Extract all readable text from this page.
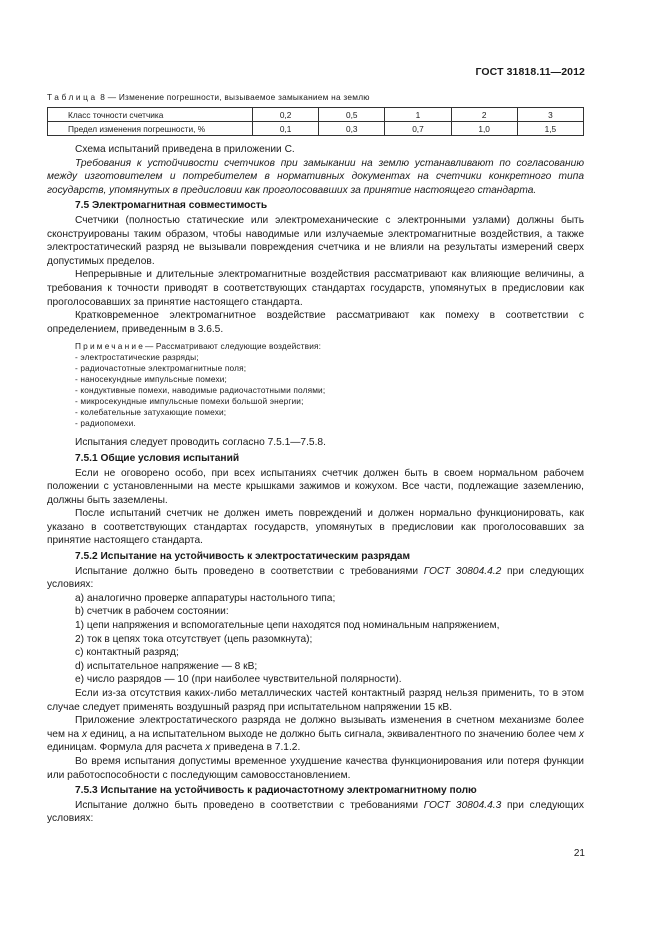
ГОСТ 31818.11—2012
Таблица 8 — Изменение погрешности, вызываемое замыканием на землю
Класс точности счетчика	0,2	0,5	1	2	3
Предел изменения погрешности, %	0,1	0,3	0,7	1,0	1,5

Схема испытаний приведена в приложении С.

Требования к устойчивости счетчиков при замыкании на землю устанавливают по согласованию между изготовителем и потребителем в нормативных документах на счетчики конкретного типа государств, упомянутых в предисловии как проголосовавших за принятие настоящего стандарта.

7.5 Электромагнитная совместимость

Счетчики (полностью статические или электромеханические с электронными узлами) должны быть сконструированы таким образом, чтобы наводимые или излучаемые электромагнитные воздействия, а также электростатический разряд не вызывали повреждения счетчика и не влияли на результаты измерений сверх допустимых пределов.

Непрерывные и длительные электромагнитные воздействия рассматривают как влияющие величины, а требования к точности приводят в соответствующих стандартах государств, упомянутых в предисловии как проголосовавших за принятие настоящего стандарта.

Кратковременное электромагнитное воздействие рассматривают как помеху в соответствии с определением, приведенным в 3.6.5.

Примечание— Рассматривают следующие воздействия:
- электростатические разряды;
- радиочастотные электромагнитные поля;
- наносекундные импульсные помехи;
- кондуктивные помехи, наводимые радиочастотными полями;
- микросекундные импульсные помехи большой энергии;
- колебательные затухающие помехи;
- радиопомехи.

Испытания следует проводить согласно 7.5.1—7.5.8.

7.5.1 Общие условия испытаний

Если не оговорено особо, при всех испытаниях счетчик должен быть в своем нормальном рабочем положении с установленными на месте крышками зажимов и кожухом. Все части, подлежащие заземлению, должны быть заземлены.

После испытаний счетчик не должен иметь повреждений и должен нормально функционировать, как указано в соответствующих стандартах государств, упомянутых в предисловии как проголосовавших за принятие настоящего стандарта.

7.5.2 Испытание на устойчивость к электростатическим разрядам

Испытание должно быть проведено в соответствии с требованиями ГОСТ 30804.4.2 при следующих условиях:

а) аналогично проверке аппаратуры настольного типа;
b) счетчик в рабочем состоянии:
1) цепи напряжения и вспомогательные цепи находятся под номинальным напряжением,
2) ток в цепях тока отсутствует (цепь разомкнута);
с) контактный разряд;
d) испытательное напряжение — 8 кВ;
е) число разрядов — 10 (при наиболее чувствительной полярности).

Если из-за отсутствия каких-либо металлических частей контактный разряд нельзя применить, то в этом случае следует применять воздушный разряд при испытательном напряжении 15 кВ.

Приложение электростатического разряда не должно вызывать изменения в счетном механизме более чем на x единиц, а на испытательном выходе не должно быть сигнала, эквивалентного по значению более чем x единицам. Формула для расчета x приведена в 7.1.2.

Во время испытания допустимы временное ухудшение качества функционирования или потеря функции или работоспособности с последующим самовосстановлением.

7.5.3 Испытание на устойчивость к радиочастотному электромагнитному полю

Испытание должно быть проведено в соответствии с требованиями ГОСТ 30804.4.3 при следующих условиях:

21
